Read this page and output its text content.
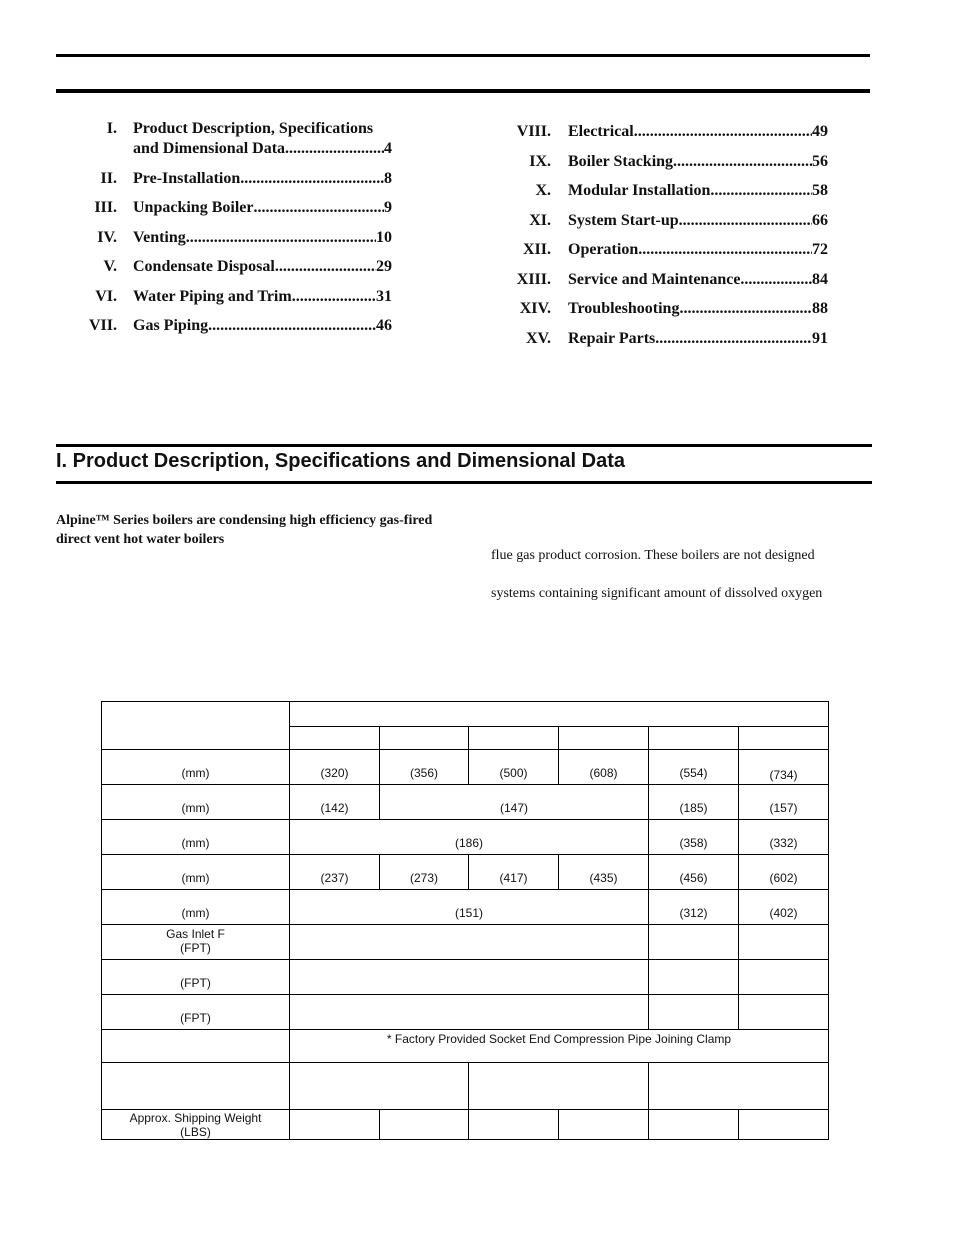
I. Product Description, Specifications
and Dimensional Data .....	4
II. Pre-Installation .....	8
III. Unpacking Boiler .....	9
IV. Venting .....	10
V. Condensate Disposal .....	29
VI. Water Piping and Trim .....	31
VII. Gas Piping .....	46
VIII. Electrical .....	49
IX. Boiler Stacking .....	56
X. Modular Installation .....	58
XI. System Start-up .....	66
XII. Operation .....	72
XIII. Service and Maintenance .....	84
XIV. Troubleshooting .....	88
XV. Repair Parts .....	91
I. Product Description, Specifications and Dimensional Data
Alpine™ Series boilers are condensing high efficiency gas-fired direct vent hot water boilers
flue gas product corrosion. These boilers are not designed
systems containing significant amount of dissolved oxygen

(mm)	(320)	(356)	(500)	(608)	(554)	(734)

(mm)	(142)	(147)			(185)	(157)

(mm)	(186)				(358)	(332)

(mm)	(237)	(273)	(417)	(435)	(456)	(602)

(mm)	(151)				(312)	(402)

Gas Inlet F
(FPT)						

(FPT)						

(FPT)						

	* Factory Provided Socket End Compression Pipe Joining Clamp					

Approx. Shipping Weight
(LBS)						
